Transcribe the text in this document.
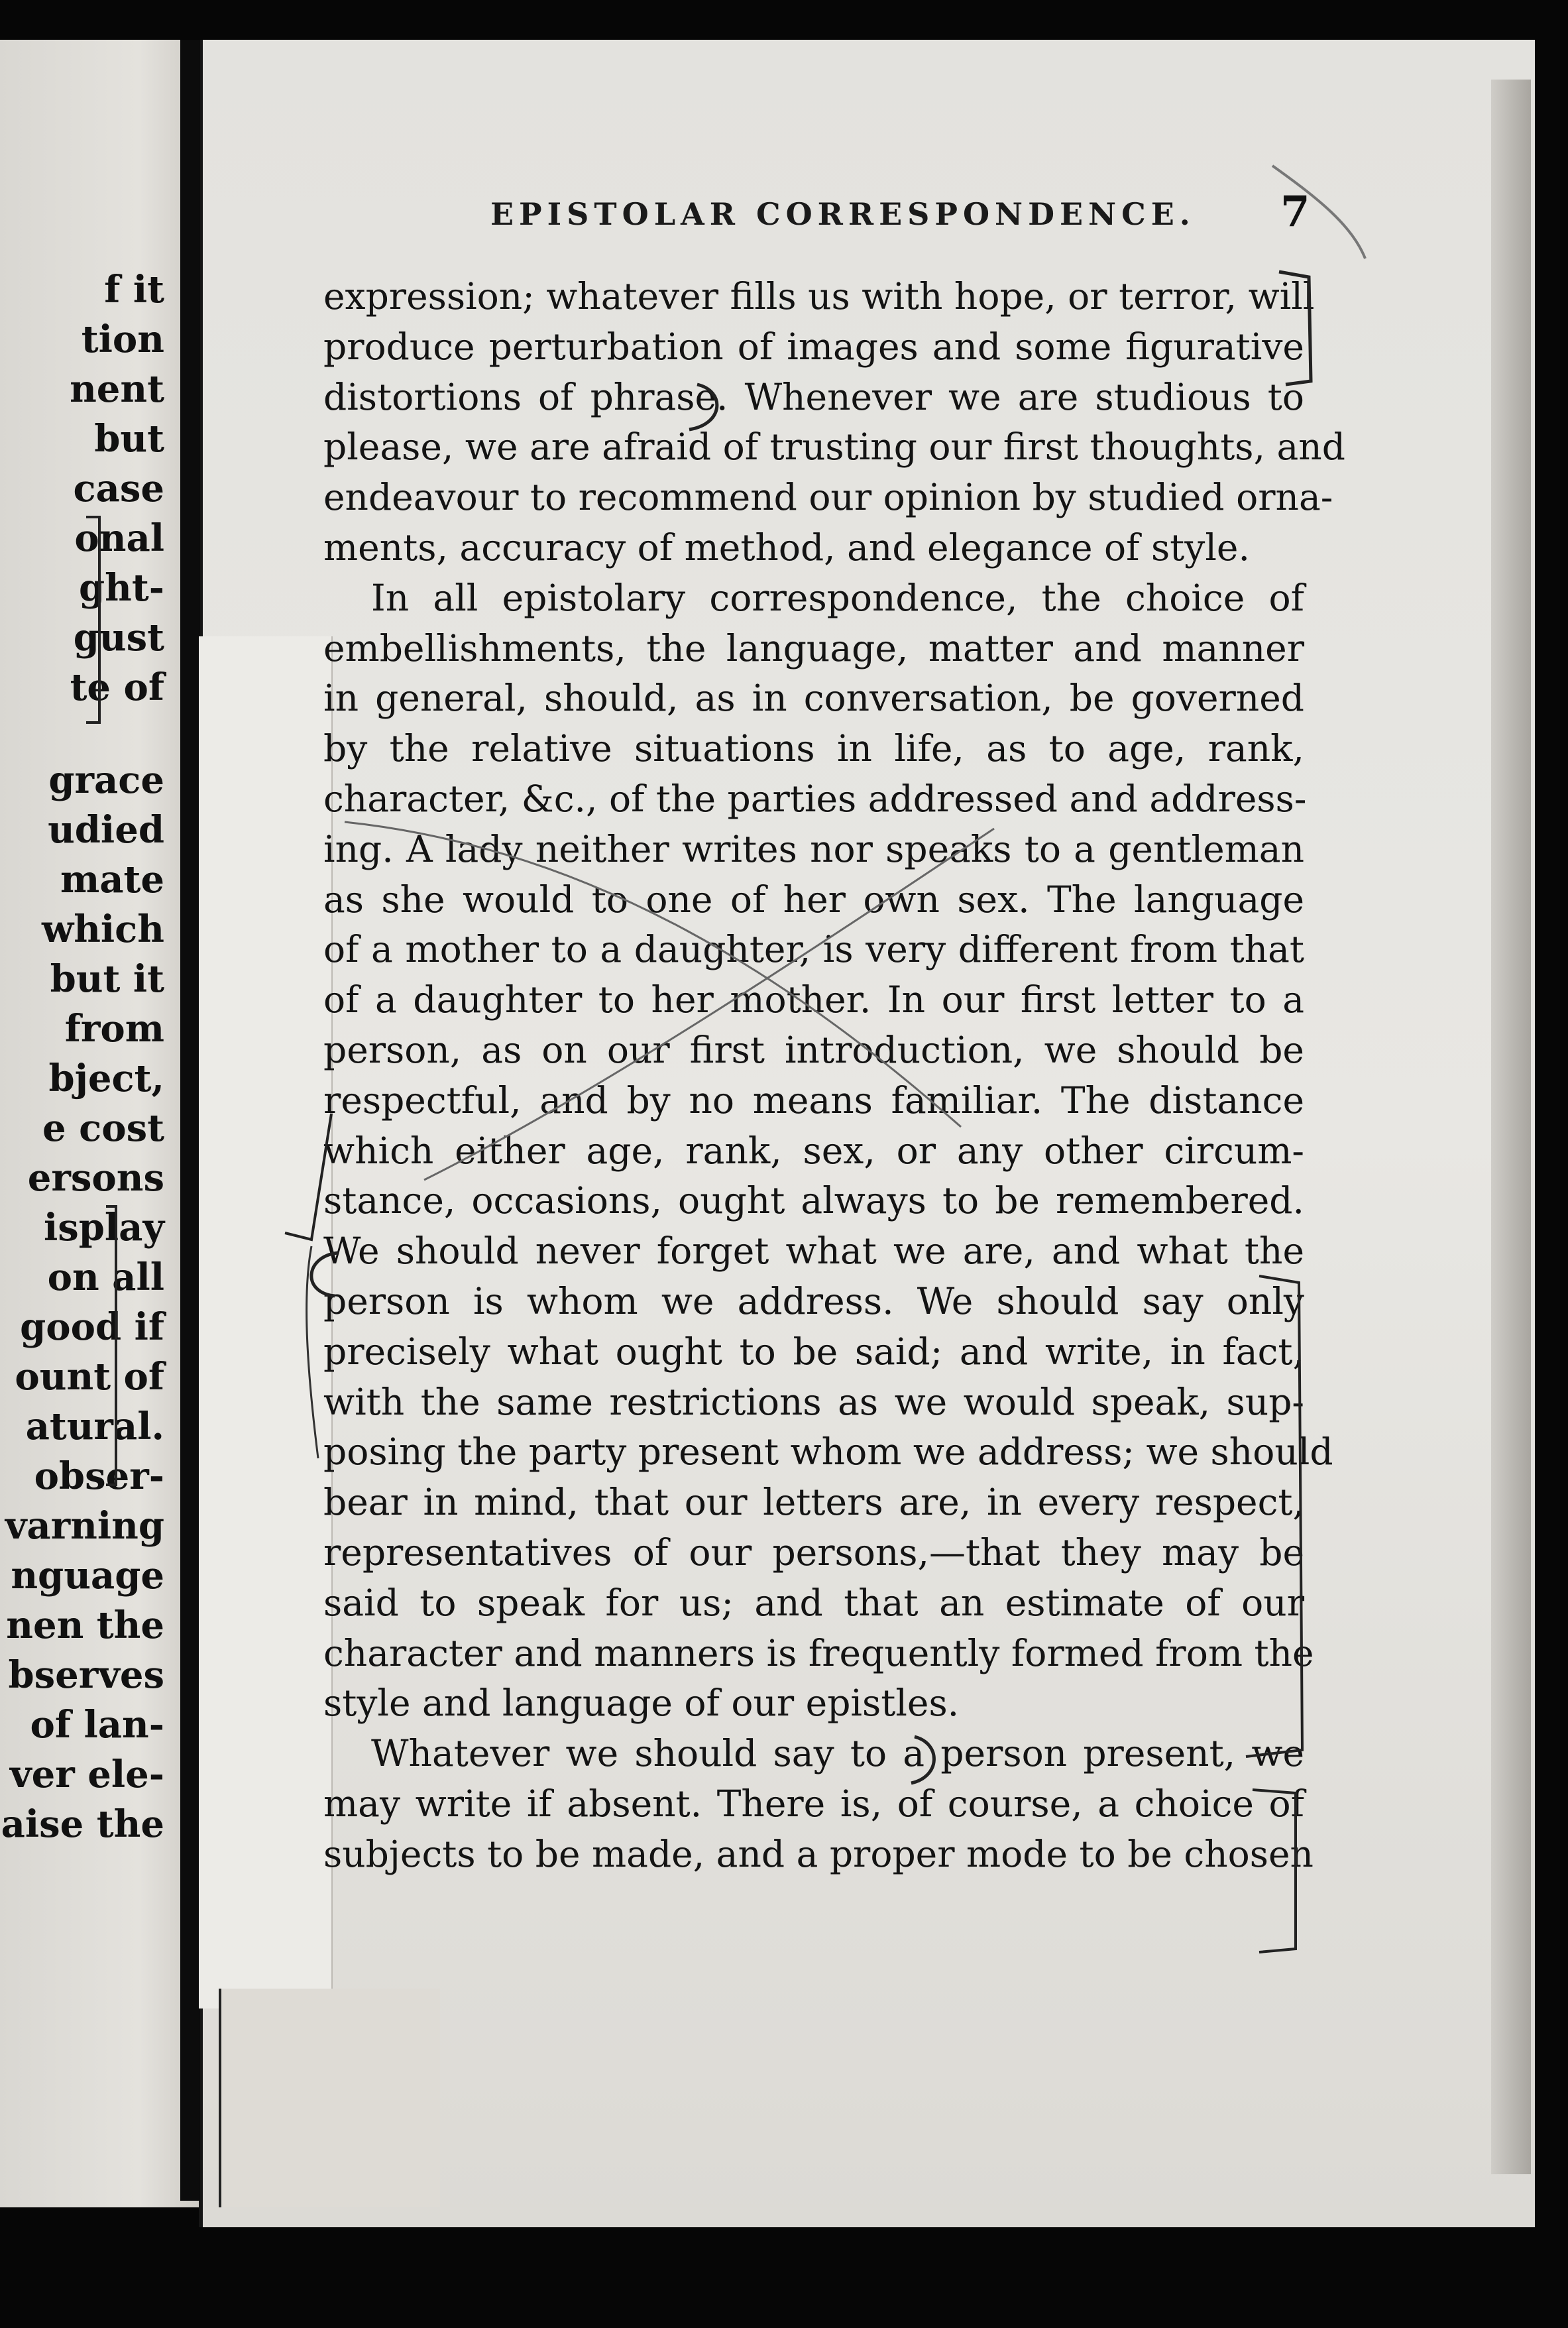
f it
tion
nent
but
case
onal
ght-
gust
te of
grace
udied
mate
which
but it
from
bject,
e cost
ersons
isplay
on all
good if
ount of
atural.
obser-
varning
nguage
nen the
bserves
of lan-
ver ele-
aise the
EPISTOLAR CORRESPONDENCE. 7
expression; whatever fills us with hope, or terror, will
produce perturbation of images and some figurative
distortions of phrase. Whenever we are studious to
please, we are afraid of trusting our first thoughts, and
endeavour to recommend our opinion by studied orna-
ments, accuracy of method, and elegance of style.
In all epistolary correspondence, the choice of
embellishments, the language, matter and manner
in general, should, as in conversation, be governed
by the relative situations in life, as to age, rank,
character, &c., of the parties addressed and address-
ing. A lady neither writes nor speaks to a gentleman
as she would to one of her own sex. The language
of a mother to a daughter, is very different from that
of a daughter to her mother. In our first letter to a
person, as on our first introduction, we should be
respectful, and by no means familiar. The distance
which either age, rank, sex, or any other circum-
stance, occasions, ought always to be remembered.
We should never forget what we are, and what the
person is whom we address. We should say only
precisely what ought to be said; and write, in fact,
with the same restrictions as we would speak, sup-
posing the party present whom we address; we should
bear in mind, that our letters are, in every respect,
representatives of our persons,—that they may be
said to speak for us; and that an estimate of our
character and manners is frequently formed from the
style and language of our epistles.
Whatever we should say to a person present, we
may write if absent. There is, of course, a choice of
subjects to be made, and a proper mode to be chosen
